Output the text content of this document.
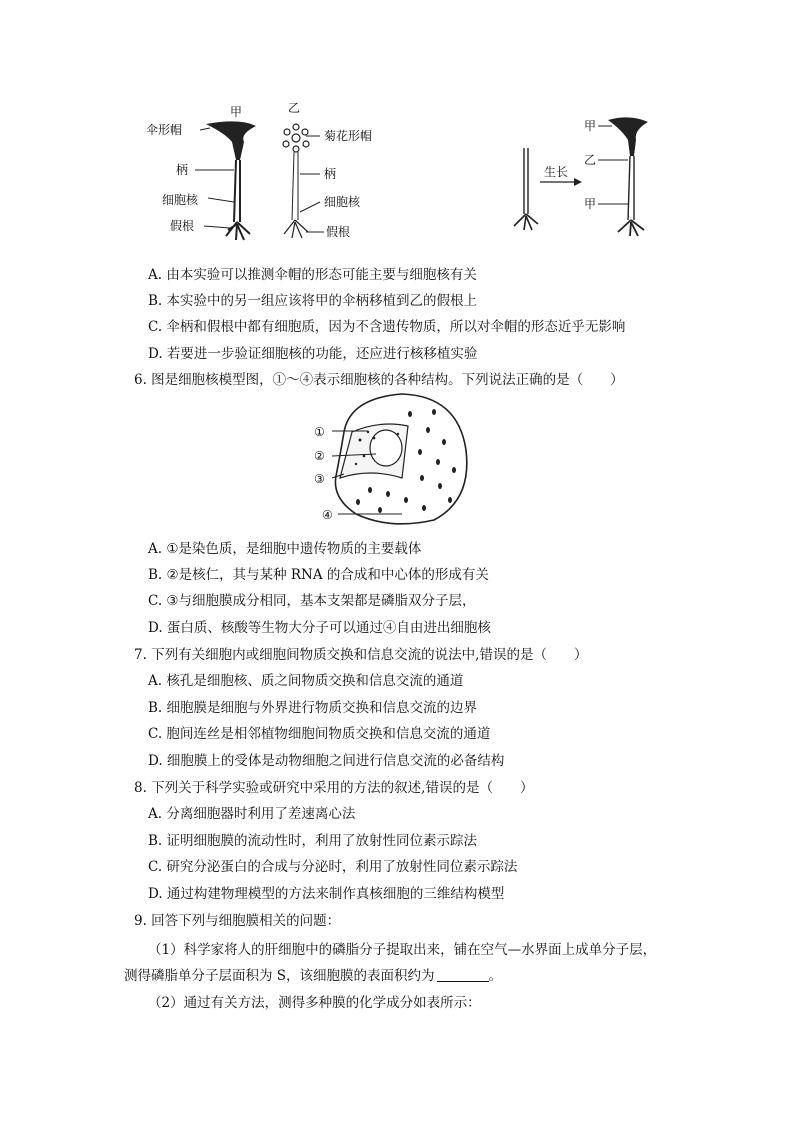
甲
伞形帽
柄
细胞核
假根
乙
菊花形帽
柄
细胞核
假根
生长
甲
乙
甲
A. 由本实验可以推测伞帽的形态可能主要与细胞核有关
B. 本实验中的另一组应该将甲的伞柄移植到乙的假根上
C. 伞柄和假根中都有细胞质，因为不含遗传物质，所以对伞帽的形态近乎无影响
D. 若要进一步验证细胞核的功能，还应进行核移植实验
6. 图是细胞核模型图，①～④表示细胞核的各种结构。下列说法正确的是（　　）
①
②
③
④
A. ①是染色质，是细胞中遗传物质的主要载体
B. ②是核仁，其与某种 RNA 的合成和中心体的形成有关
C. ③与细胞膜成分相同，基本支架都是磷脂双分子层，
D. 蛋白质、核酸等生物大分子可以通过④自由进出细胞核
7. 下列有关细胞内或细胞间物质交换和信息交流的说法中,错误的是（　　）
A. 核孔是细胞核、质之间物质交换和信息交流的通道
B. 细胞膜是细胞与外界进行物质交换和信息交流的边界
C. 胞间连丝是相邻植物细胞间物质交换和信息交流的通道
D. 细胞膜上的受体是动物细胞之间进行信息交流的必备结构
8. 下列关于科学实验或研究中采用的方法的叙述,错误的是（　　）
A. 分离细胞器时利用了差速离心法
B. 证明细胞膜的流动性时，利用了放射性同位素示踪法
C. 研究分泌蛋白的合成与分泌时，利用了放射性同位素示踪法
D. 通过构建物理模型的方法来制作真核细胞的三维结构模型
9. 回答下列与细胞膜相关的问题：
（1）科学家将人的肝细胞中的磷脂分子提取出来，铺在空气—水界面上成单分子层，
测得磷脂单分子层面积为 S，该细胞膜的表面积约为	。
（2）通过有关方法，测得多种膜的化学成分如表所示：
